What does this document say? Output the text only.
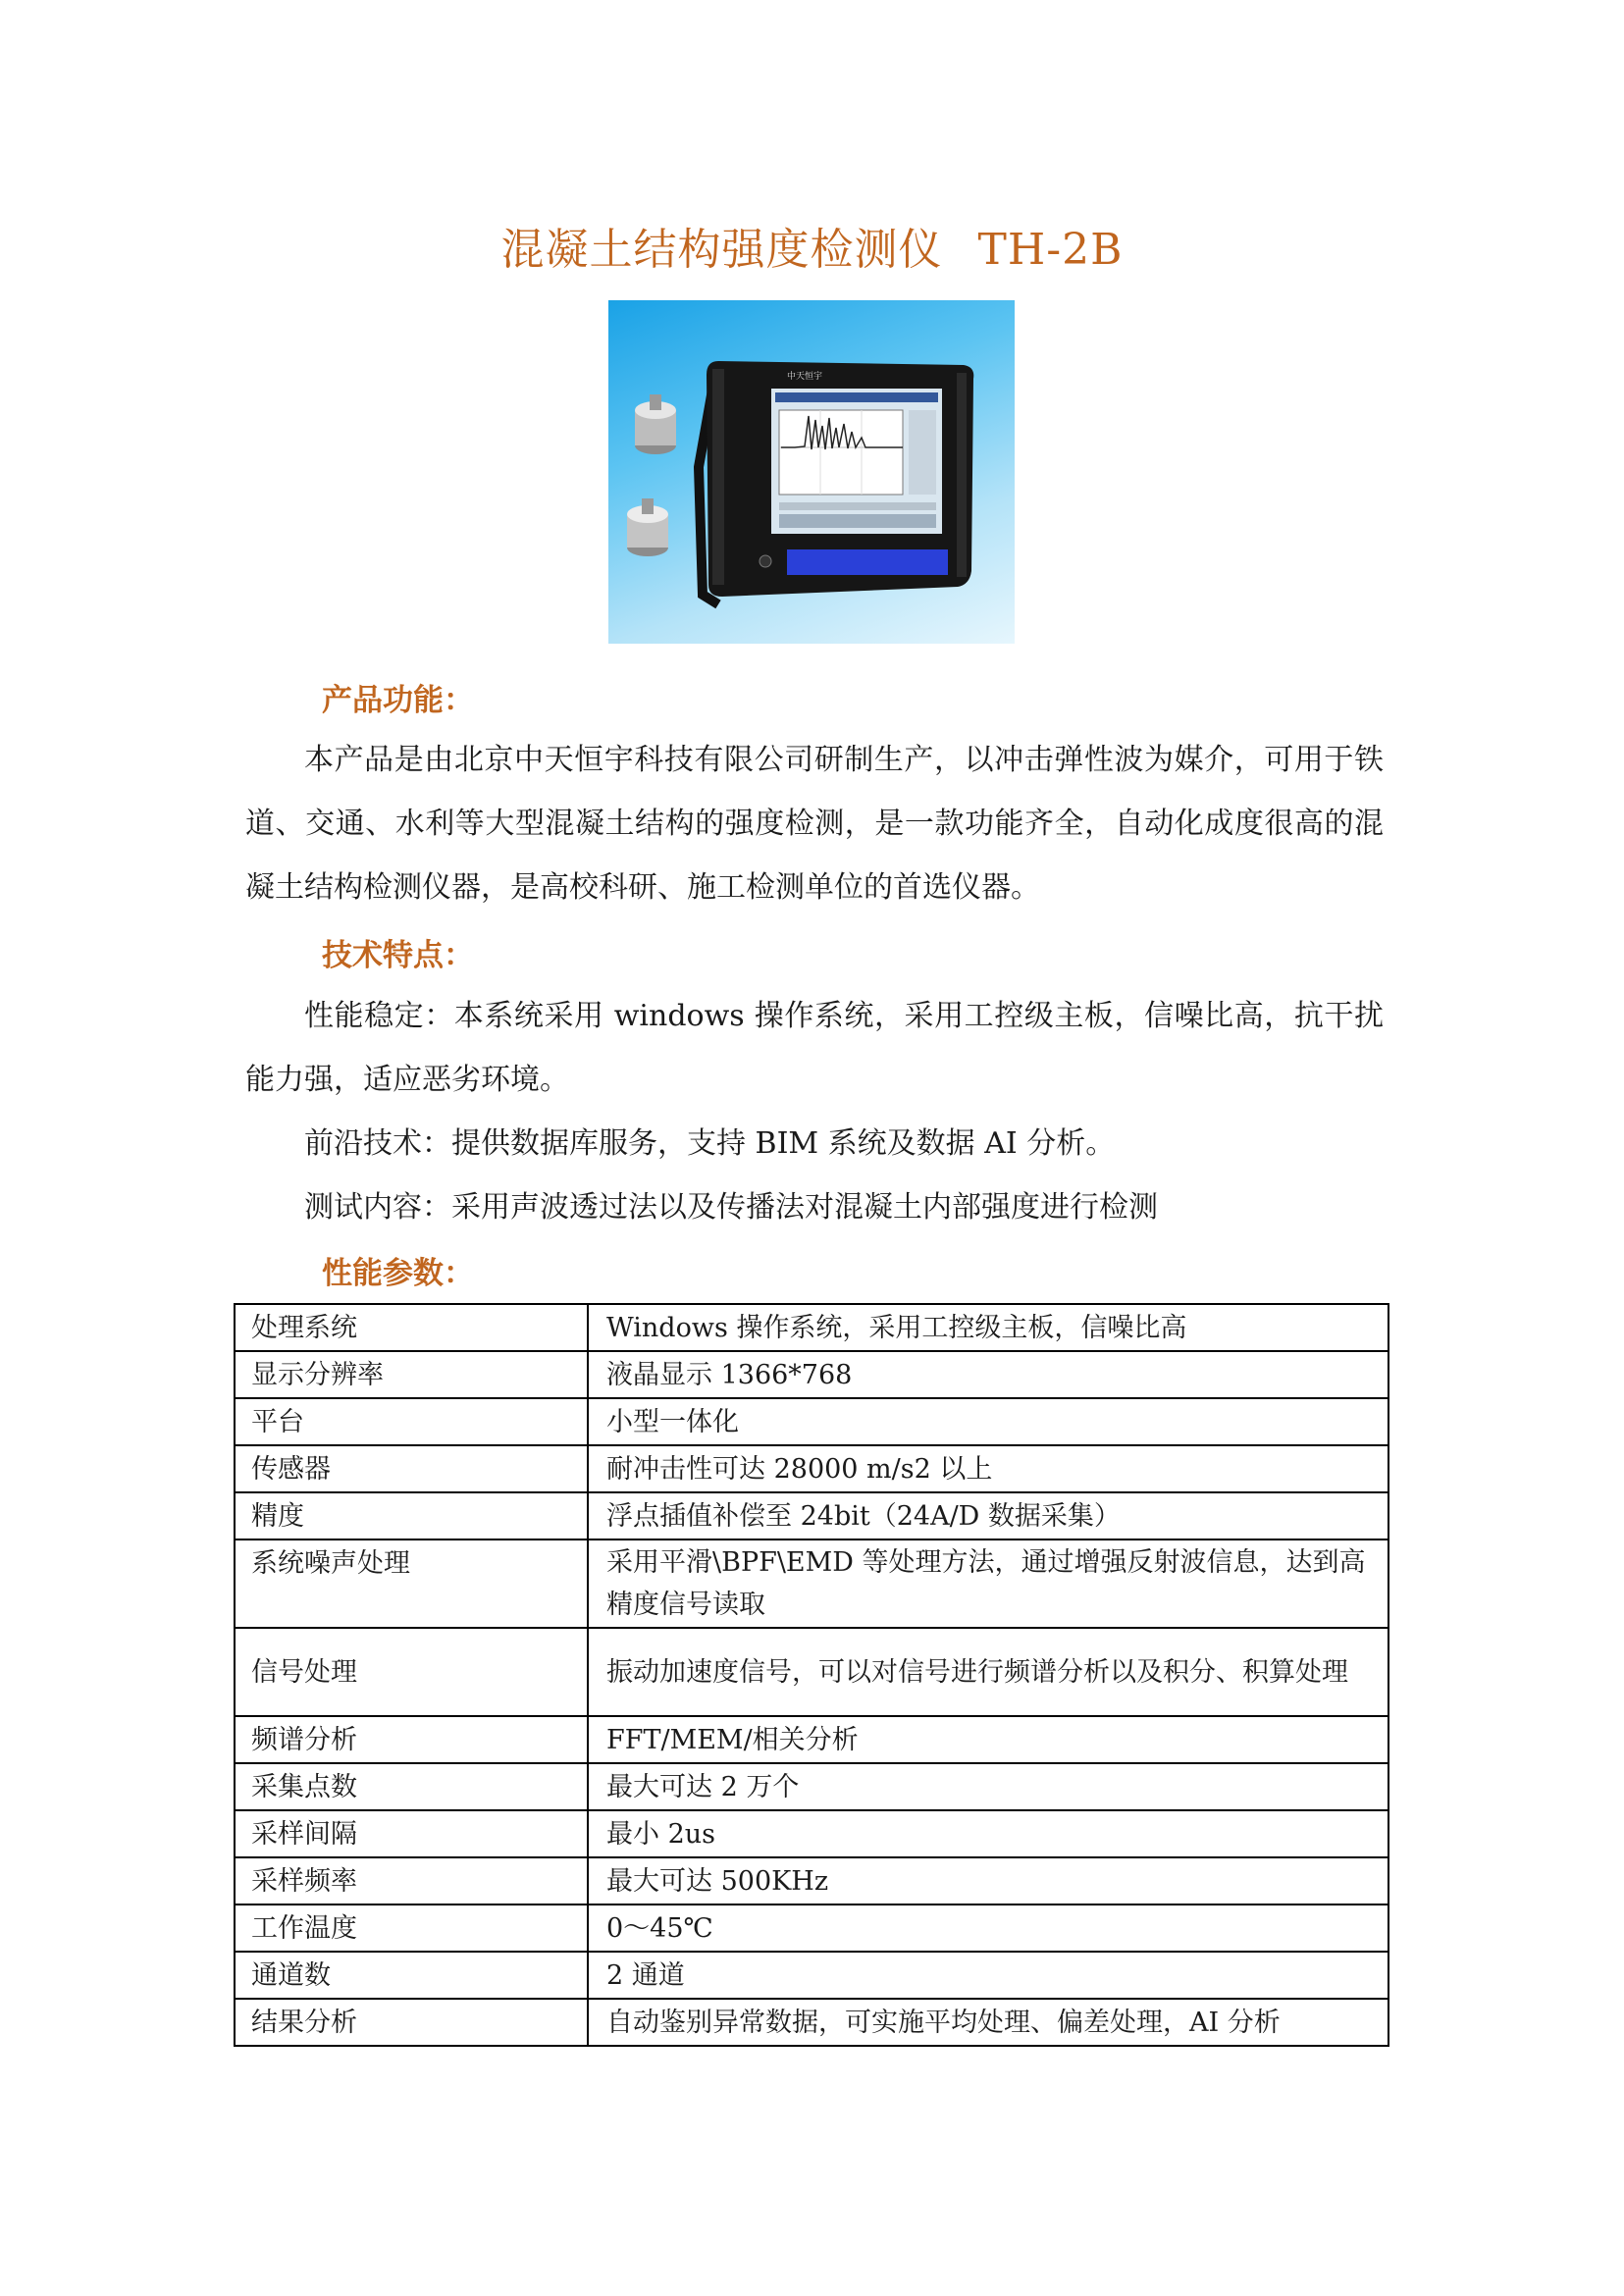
混凝土结构强度检测仪 TH-2B
中天恒宇
产品功能：

本产品是由北京中天恒宇科技有限公司研制生产，以冲击弹性波为媒介，可用于铁道、交通、水利等大型混凝土结构的强度检测，是一款功能齐全，自动化成度很高的混凝土结构检测仪器，是高校科研、施工检测单位的首选仪器。

技术特点：

性能稳定：本系统采用 windows 操作系统，采用工控级主板，信噪比高，抗干扰能力强，适应恶劣环境。

前沿技术：提供数据库服务，支持 BIM 系统及数据 AI 分析。

测试内容：采用声波透过法以及传播法对混凝土内部强度进行检测

性能参数：
处理系统	Windows 操作系统，采用工控级主板，信噪比高
显示分辨率	液晶显示 1366*768
平台	小型一体化
传感器	耐冲击性可达 28000 m/s2 以上
精度	浮点插值补偿至 24bit（24A/D 数据采集）
系统噪声处理	采用平滑\BPF\EMD 等处理方法，通过增强反射波信息，达到高精度信号读取
信号处理	振动加速度信号，可以对信号进行频谱分析以及积分、积算处理
频谱分析	FFT/MEM/相关分析
采集点数	最大可达 2 万个
采样间隔	最小 2us
采样频率	最大可达 500KHz
工作温度	0～45℃
通道数	2 通道
结果分析	自动鉴别异常数据，可实施平均处理、偏差处理，AI 分析
